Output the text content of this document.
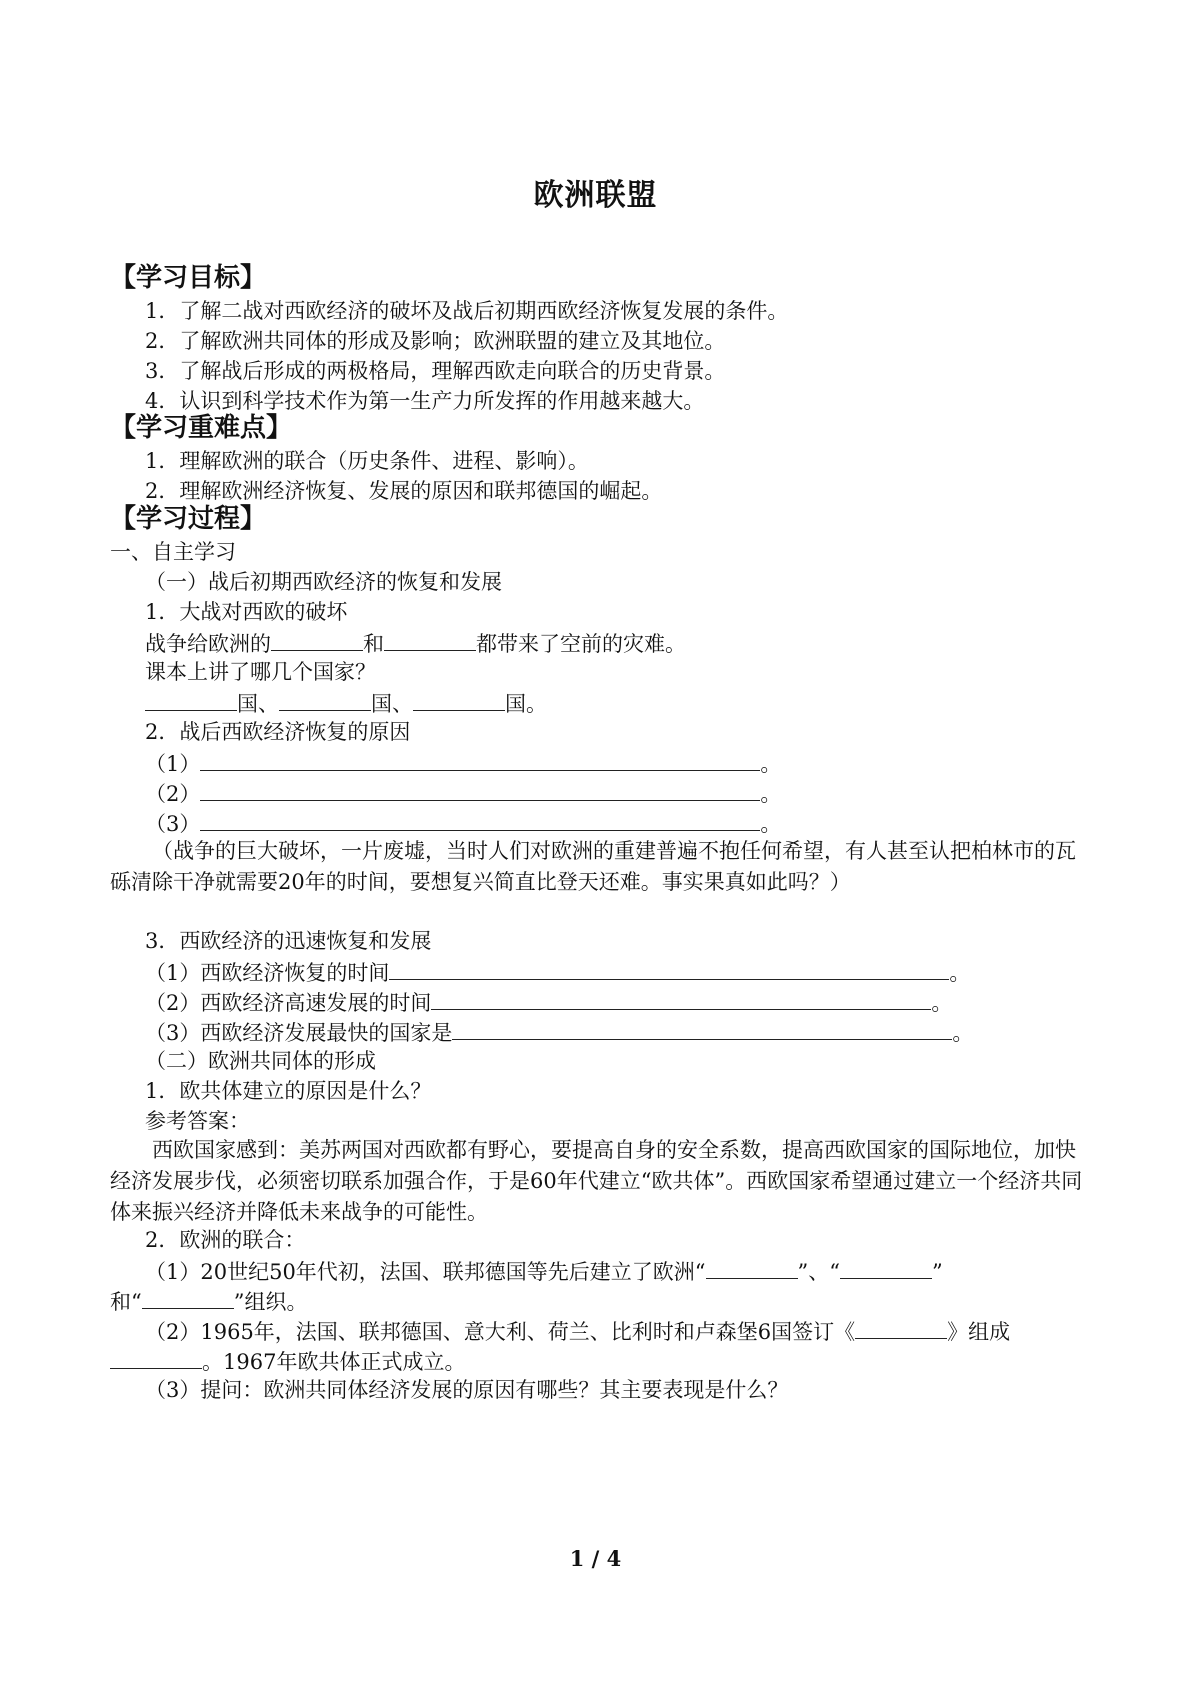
欧洲联盟
【学习目标】
1．了解二战对西欧经济的破坏及战后初期西欧经济恢复发展的条件。
2．了解欧洲共同体的形成及影响；欧洲联盟的建立及其地位。
3．了解战后形成的两极格局，理解西欧走向联合的历史背景。
4．认识到科学技术作为第一生产力所发挥的作用越来越大。
【学习重难点】
1．理解欧洲的联合（历史条件、进程、影响）。
2．理解欧洲经济恢复、发展的原因和联邦德国的崛起。
【学习过程】
一、自主学习
（一）战后初期西欧经济的恢复和发展
1．大战对西欧的破坏
战争给欧洲的	和	都带来了空前的灾难。
课本上讲了哪几个国家？
国、	国、	国。
2．战后西欧经济恢复的原因
（1）	。
（2）	。
（3）	。
（战争的巨大破坏，一片废墟，当时人们对欧洲的重建普遍不抱任何希望，有人甚至认把柏林市的瓦砾清除干净就需要20年的时间，要想复兴简直比登天还难。事实果真如此吗？）
3．西欧经济的迅速恢复和发展
（1）西欧经济恢复的时间	。
（2）西欧经济高速发展的时间	。
（3）西欧经济发展最快的国家是	。
（二）欧洲共同体的形成
1．欧共体建立的原因是什么？
参考答案：
西欧国家感到：美苏两国对西欧都有野心，要提高自身的安全系数，提高西欧国家的国际地位，加快经济发展步伐，必须密切联系加强合作，于是60年代建立“欧共体”。西欧国家希望通过建立一个经济共同体来振兴经济并降低未来战争的可能性。
2．欧洲的联合：
（1）20世纪50年代初，法国、联邦德国等先后建立了欧洲“	”、“	”
和“	”组织。
（2）1965年，法国、联邦德国、意大利、荷兰、比利时和卢森堡6国签订《	》组成
。1967年欧共体正式成立。
（3）提问：欧洲共同体经济发展的原因有哪些？其主要表现是什么？
1 / 4
